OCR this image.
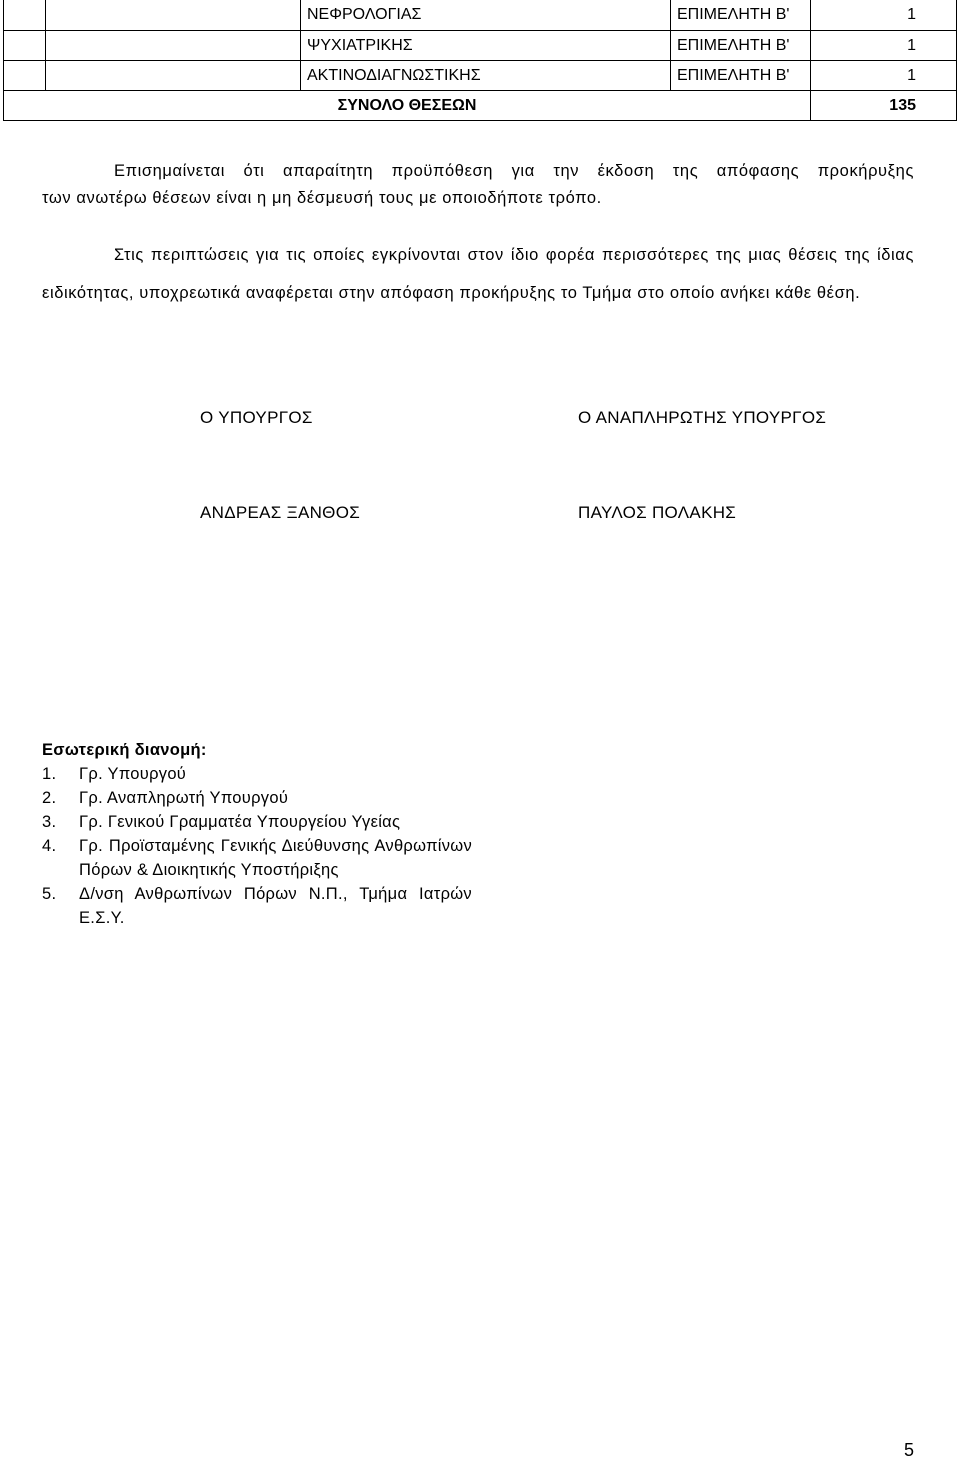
		ΝΕΦΡΟΛΟΓΙΑΣ	ΕΠΙΜΕΛΗΤΗ Β'	1
		ΨΥΧΙΑΤΡΙΚΗΣ	ΕΠΙΜΕΛΗΤΗ Β'	1
		ΑΚΤΙΝΟΔΙΑΓΝΩΣΤΙΚΗΣ	ΕΠΙΜΕΛΗΤΗ Β'	1
ΣΥΝΟΛΟ ΘΕΣΕΩΝ				135
Επισημαίνεται ότι απαραίτητη προϋπόθεση για την έκδοση της απόφασης προκήρυξης
των ανωτέρω θέσεων είναι η μη δέσμευσή τους με οποιοδήποτε τρόπο.
Στις περιπτώσεις για τις οποίες εγκρίνονται στον ίδιο φορέα περισσότερες της μιας θέσεις της ίδιας ειδικότητας, υποχρεωτικά αναφέρεται στην απόφαση προκήρυξης το Τμήμα στο οποίο ανήκει κάθε θέση.
Ο ΥΠΟΥΡΓΟΣ	Ο ΑΝΑΠΛΗΡΩΤΗΣ ΥΠΟΥΡΓΟΣ
ΑΝΔΡΕΑΣ ΞΑΝΘΟΣ	ΠΑΥΛΟΣ ΠΟΛΑΚΗΣ
Εσωτερική διανομή:
1.	Γρ. Υπουργού
2.	Γρ. Αναπληρωτή Υπουργού
3.	Γρ. Γενικού Γραμματέα Υπουργείου Υγείας
4.	Γρ. Προϊσταμένης Γενικής Διεύθυνσης Ανθρωπίνων Πόρων & Διοικητικής Υποστήριξης
5.	Δ/νση Ανθρωπίνων Πόρων Ν.Π., Τμήμα Ιατρών Ε.Σ.Υ.
5
